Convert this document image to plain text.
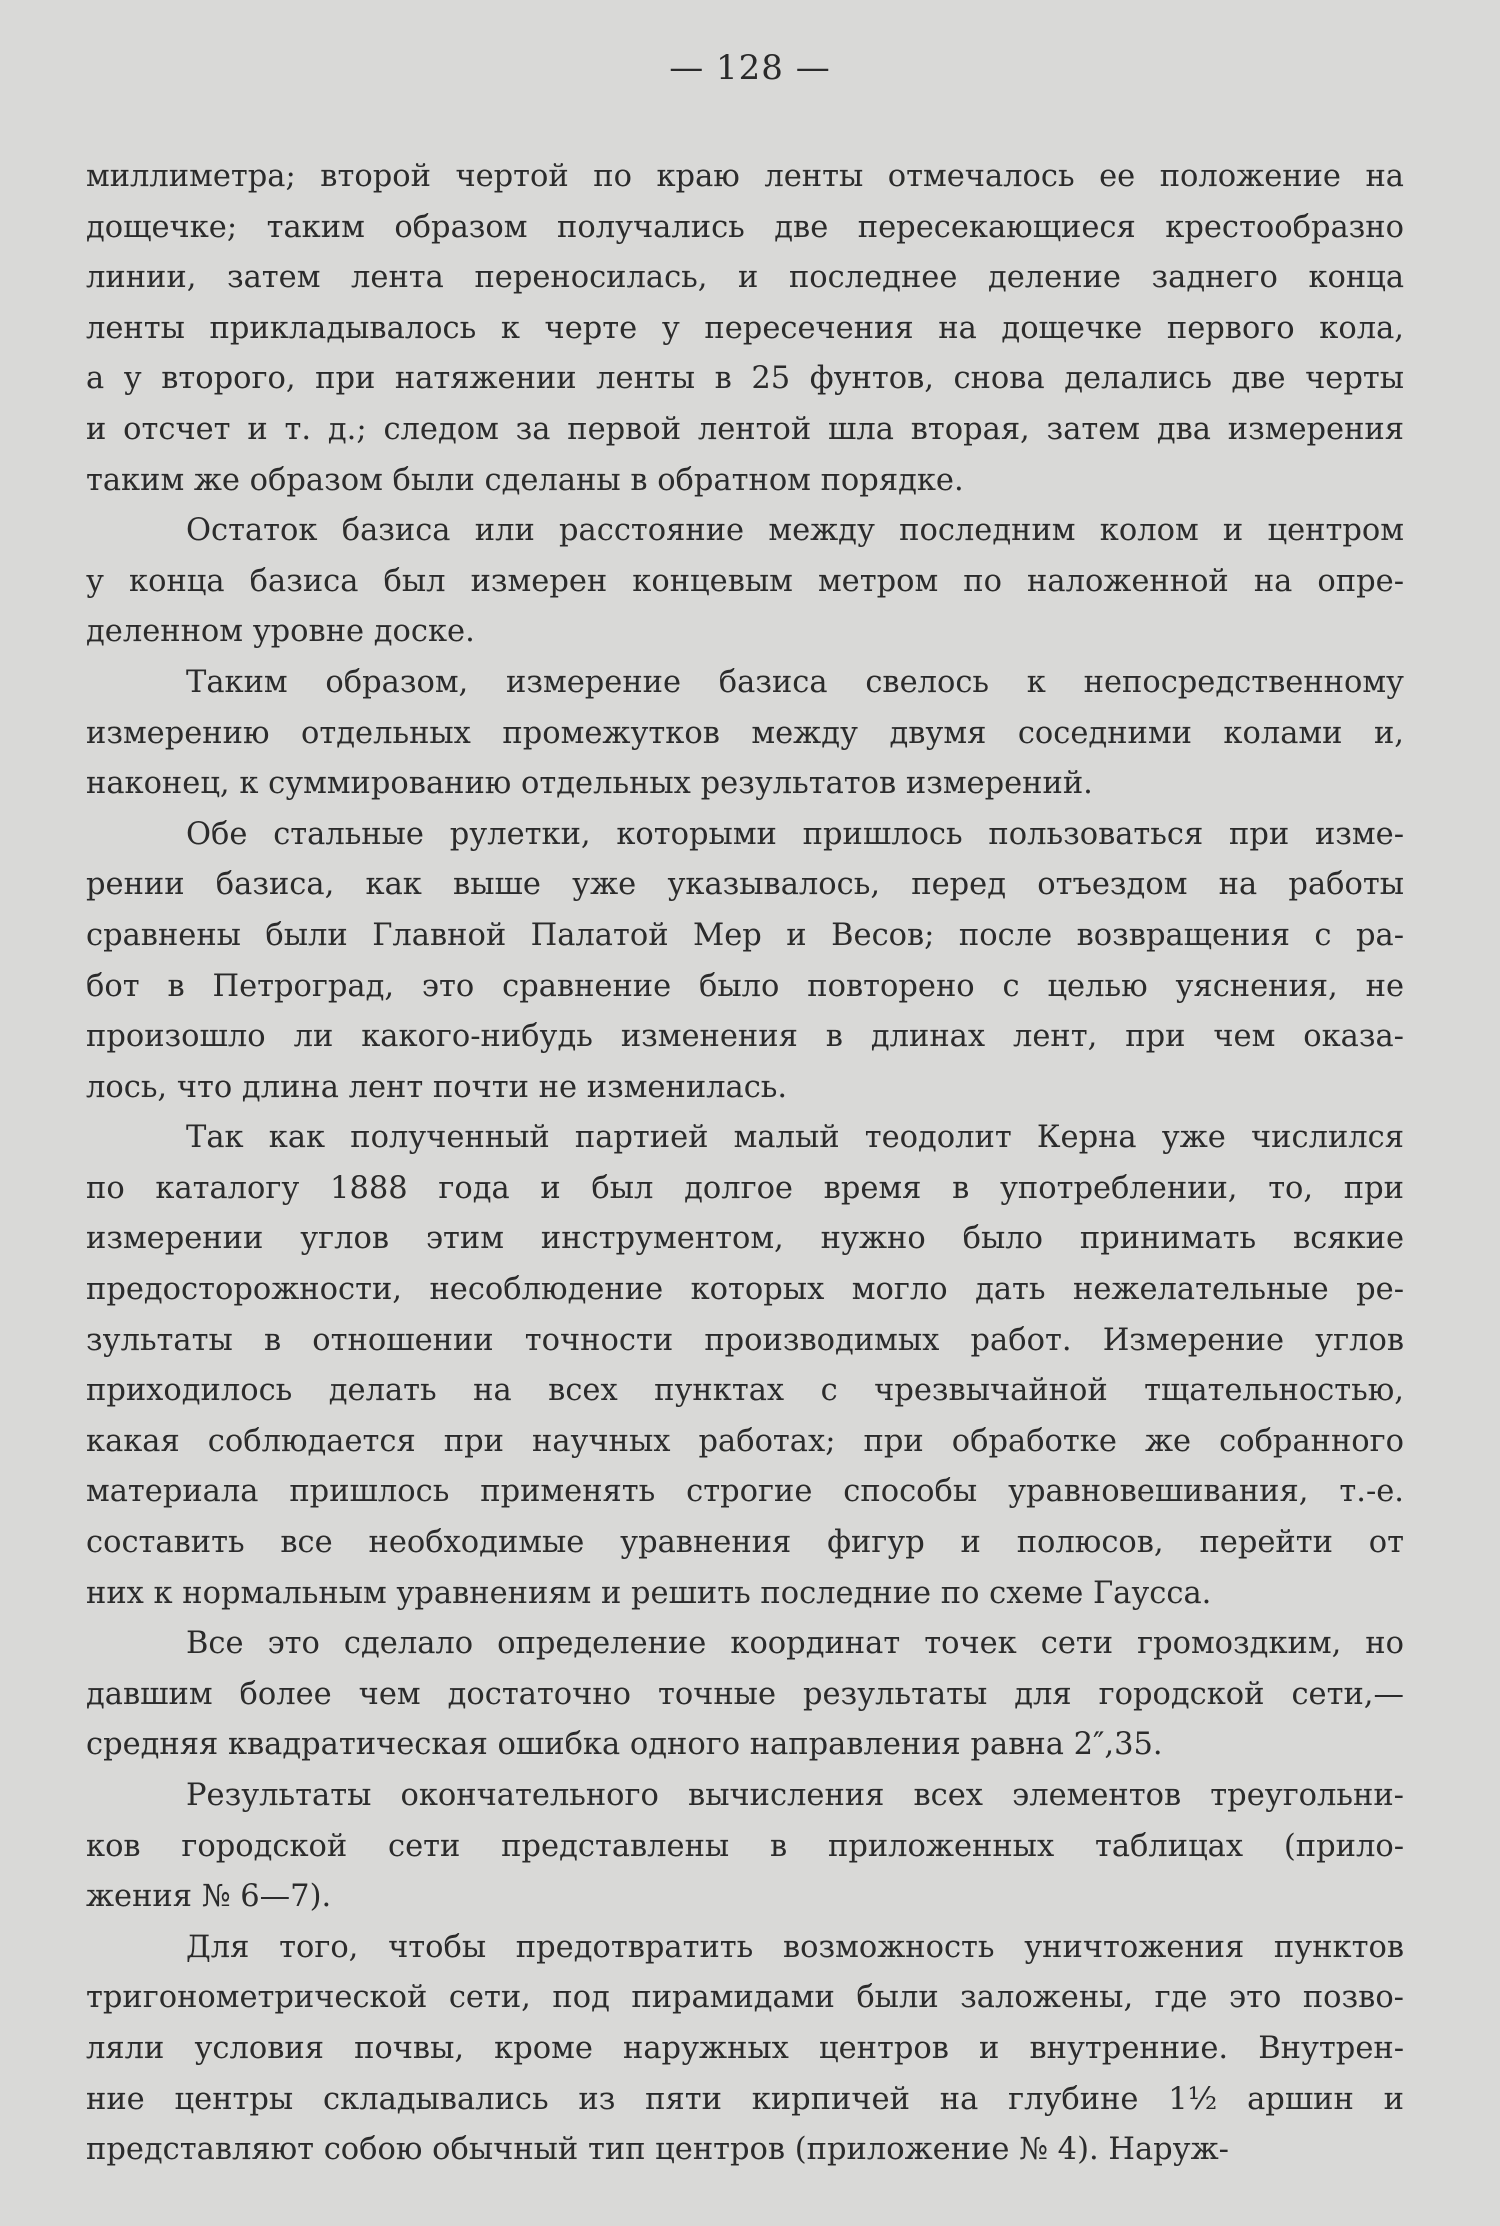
— 128 —
миллиметра; второй чертой по краю ленты отмечалось ее положение на
дощечке; таким образом получались две пересекающиеся крестообразно
линии, затем лента переносилась, и последнее деление заднего конца
ленты прикладывалось к черте у пересечения на дощечке первого кола,
а у второго, при натяжении ленты в 25 фунтов, снова делались две черты
и отсчет и т. д.; следом за первой лентой шла вторая, затем два измерения
таким же образом были сделаны в обратном порядке.
Остаток базиса или расстояние между последним колом и центром
у конца базиса был измерен концевым метром по наложенной на опре-
деленном уровне доске.
Таким образом, измерение базиса свелось к непосредственному
измерению отдельных промежутков между двумя соседними колами и,
наконец, к суммированию отдельных результатов измерений.
Обе стальные рулетки, которыми пришлось пользоваться при изме-
рении базиса, как выше уже указывалось, перед отъездом на работы
сравнены были Главной Палатой Мер и Весов; после возвращения с ра-
бот в Петроград, это сравнение было повторено с целью уяснения, не
произошло ли какого-нибудь изменения в длинах лент, при чем оказа-
лось, что длина лент почти не изменилась.
Так как полученный партией малый теодолит Керна уже числился
по каталогу 1888 года и был долгое время в употреблении, то, при
измерении углов этим инструментом, нужно было принимать всякие
предосторожности, несоблюдение которых могло дать нежелательные ре-
зультаты в отношении точности производимых работ. Измерение углов
приходилось делать на всех пунктах с чрезвычайной тщательностью,
какая соблюдается при научных работах; при обработке же собранного
материала пришлось применять строгие способы уравновешивания, т.-е.
составить все необходимые уравнения фигур и полюсов, перейти от
них к нормальным уравнениям и решить последние по схеме Гаусса.
Все это сделало определение координат точек сети громоздким, но
давшим более чем достаточно точные результаты для городской сети,—
средняя квадратическая ошибка одного направления равна 2″,35.
Результаты окончательного вычисления всех элементов треугольни-
ков городской сети представлены в приложенных таблицах (прило-
жения № 6—7).
Для того, чтобы предотвратить возможность уничтожения пунктов
тригонометрической сети, под пирамидами были заложены, где это позво-
ляли условия почвы, кроме наружных центров и внутренние. Внутрен-
ние центры складывались из пяти кирпичей на глубине 1½ аршин и
представляют собою обычный тип центров (приложение № 4). Наруж-
